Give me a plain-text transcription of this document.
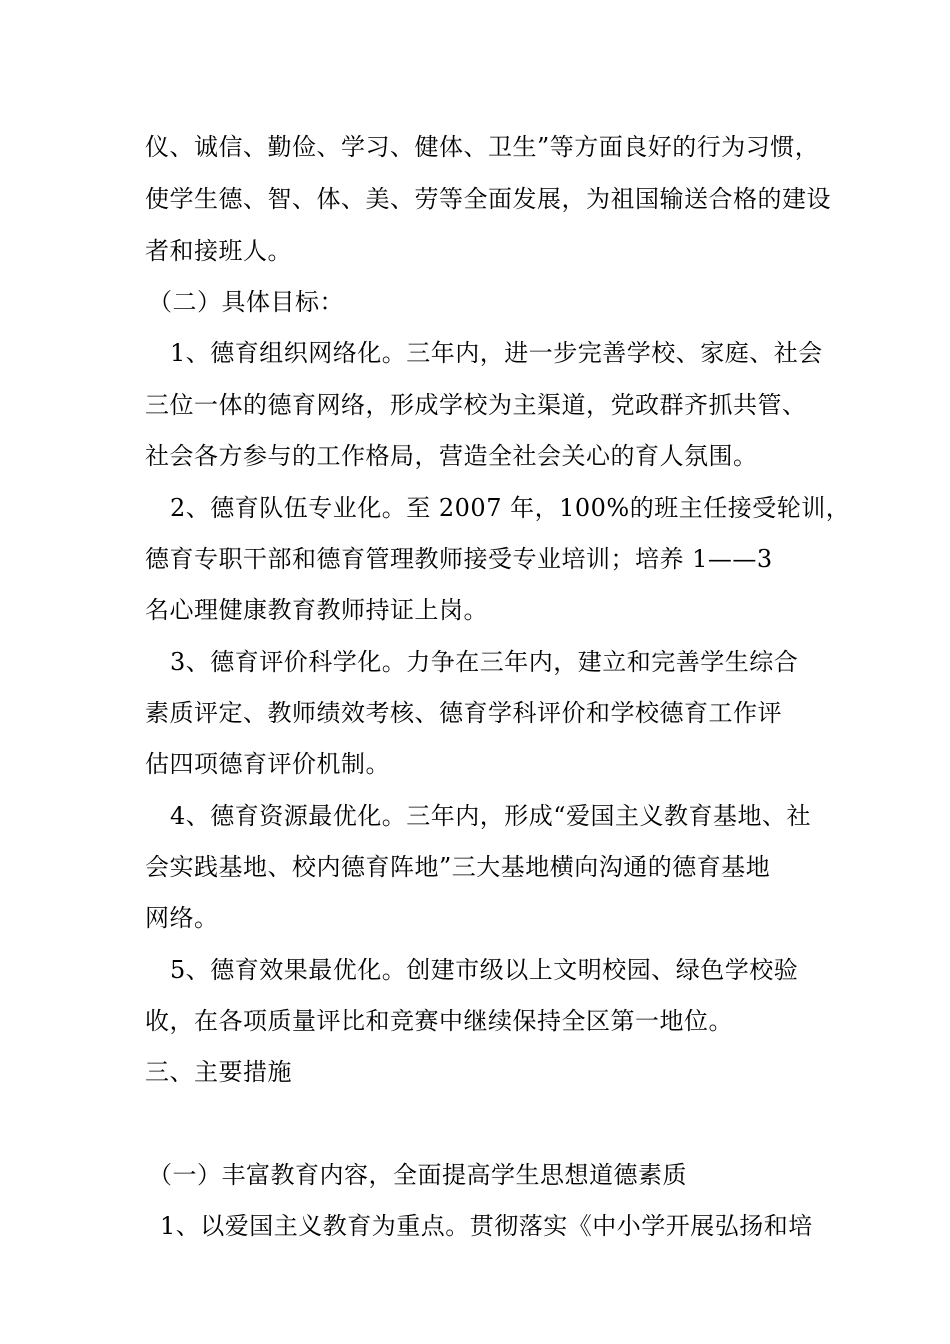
仪、诚信、勤俭、学习、健体、卫生”等方面良好的行为习惯，
使学生德、智、体、美、劳等全面发展，为祖国输送合格的建设
者和接班人。
（二）具体目标：
1、德育组织网络化。三年内，进一步完善学校、家庭、社会
三位一体的德育网络，形成学校为主渠道，党政群齐抓共管、
社会各方参与的工作格局，营造全社会关心的育人氛围。
2、德育队伍专业化。至 2007 年，100%的班主任接受轮训，
德育专职干部和德育管理教师接受专业培训；培养 1——3
名心理健康教育教师持证上岗。
3、德育评价科学化。力争在三年内，建立和完善学生综合
素质评定、教师绩效考核、德育学科评价和学校德育工作评
估四项德育评价机制。
4、德育资源最优化。三年内，形成“爱国主义教育基地、社
会实践基地、校内德育阵地”三大基地横向沟通的德育基地
网络。
5、德育效果最优化。创建市级以上文明校园、绿色学校验
收，在各项质量评比和竞赛中继续保持全区第一地位。
三、主要措施
（一）丰富教育内容，全面提高学生思想道德素质
1、以爱国主义教育为重点。贯彻落实《中小学开展弘扬和培
